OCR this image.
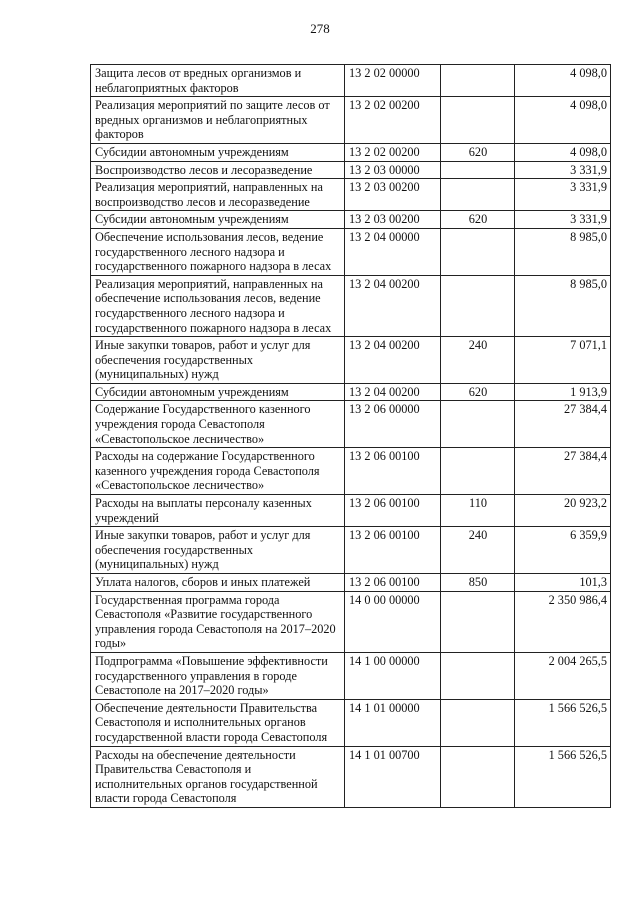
278
Защита лесов от вредных организмов и неблагоприятных факторов	13 2 02 00000		4 098,0
Реализация мероприятий по защите лесов от вредных организмов и неблагоприятных факторов	13 2 02 00200		4 098,0
Субсидии автономным учреждениям	13 2 02 00200	620	4 098,0
Воспроизводство лесов и лесоразведение	13 2 03 00000		3 331,9
Реализация мероприятий, направленных на воспроизводство лесов и лесоразведение	13 2 03 00200		3 331,9
Субсидии автономным учреждениям	13 2 03 00200	620	3 331,9
Обеспечение использования лесов, ведение государственного лесного надзора и государственного пожарного надзора в лесах	13 2 04 00000		8 985,0
Реализация мероприятий, направленных на обеспечение использования лесов, ведение государственного лесного надзора и государственного пожарного надзора в лесах	13 2 04 00200		8 985,0
Иные закупки товаров, работ и услуг для обеспечения государственных (муниципальных) нужд	13 2 04 00200	240	7 071,1
Субсидии автономным учреждениям	13 2 04 00200	620	1 913,9
Содержание Государственного казенного учреждения города Севастополя «Севастопольское лесничество»	13 2 06 00000		27 384,4
Расходы на содержание Государственного казенного учреждения города Севастополя «Севастопольское лесничество»	13 2 06 00100		27 384,4
Расходы на выплаты персоналу казенных учреждений	13 2 06 00100	110	20 923,2
Иные закупки товаров, работ и услуг для обеспечения государственных (муниципальных) нужд	13 2 06 00100	240	6 359,9
Уплата налогов, сборов и иных платежей	13 2 06 00100	850	101,3
Государственная программа города Севастополя «Развитие государственного управления города Севастополя на 2017–2020 годы»	14 0 00 00000		2 350 986,4
Подпрограмма «Повышение эффективности государственного управления в городе Севастополе на 2017–2020 годы»	14 1 00 00000		2 004 265,5
Обеспечение деятельности Правительства Севастополя и исполнительных органов государственной власти города Севастополя	14 1 01 00000		1 566 526,5
Расходы на обеспечение деятельности Правительства Севастополя и исполнительных органов государственной власти города Севастополя	14 1 01 00700		1 566 526,5
